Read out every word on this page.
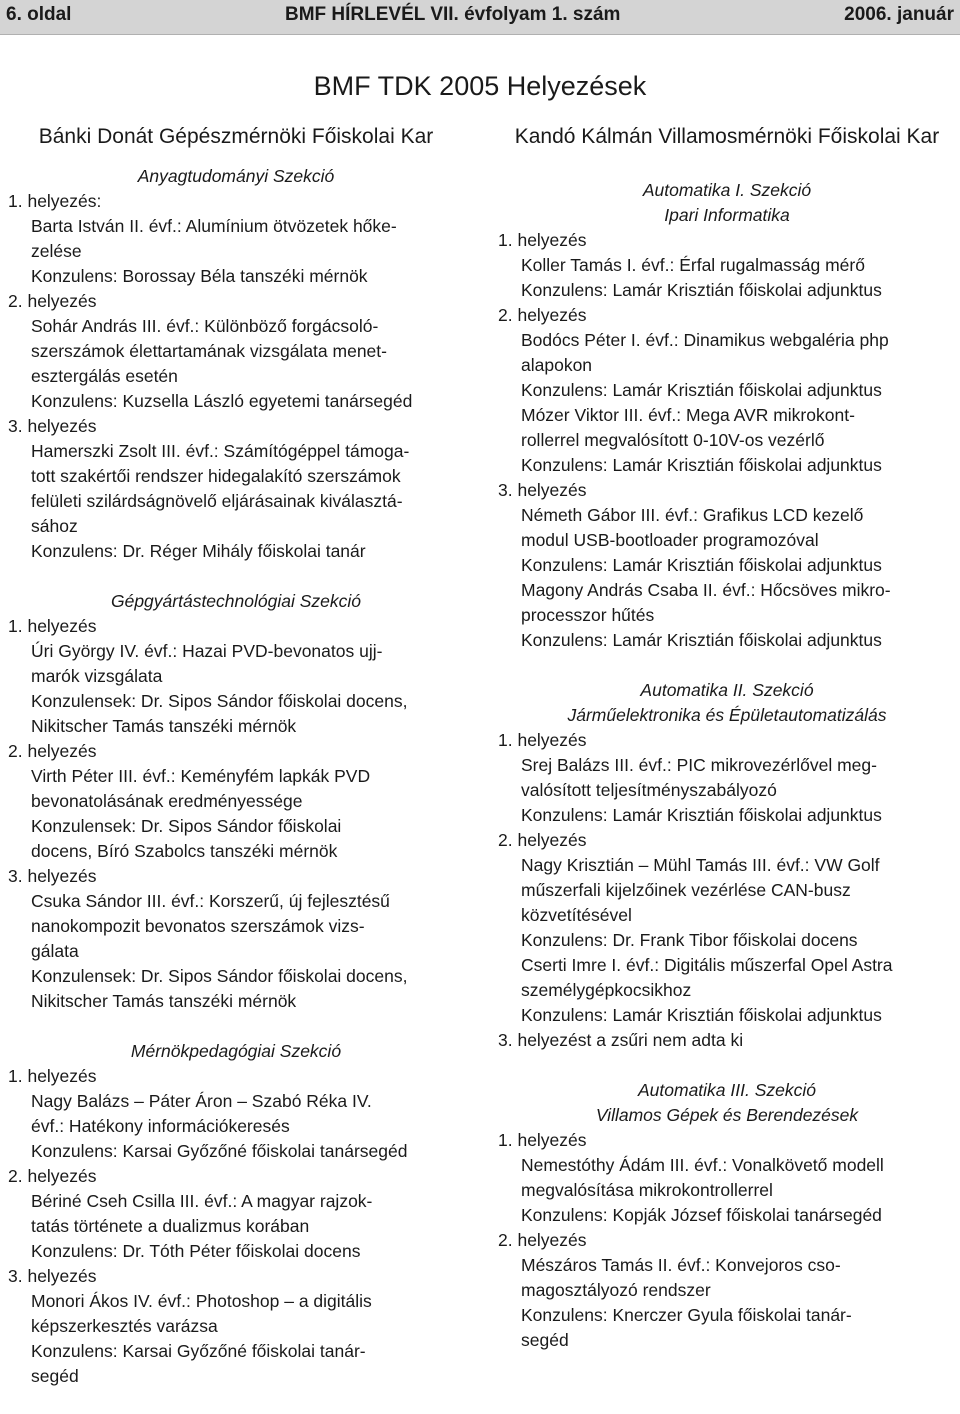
6. oldal	BMF HÍRLEVÉL VII. évfolyam 1. szám	2006. január
BMF TDK 2005 Helyezések
Bánki Donát Gépészmérnöki Főiskolai Kar
Anyagtudományi Szekció
1. helyezés:
Barta István II. évf.: Alumínium ötvözetek hőke-
zelése
Konzulens: Borossay Béla tanszéki mérnök
2. helyezés
Sohár András III. évf.: Különböző forgácsoló-
szerszámok élettartamának vizsgálata menet-
esztergálás esetén
Konzulens: Kuzsella László egyetemi tanársegéd
3. helyezés
Hamerszki Zsolt III. évf.: Számítógéppel támoga-
tott szakértői rendszer hidegalakító szerszámok
felületi szilárdságnövelő eljárásainak kiválasztá-
sához
Konzulens: Dr. Réger Mihály főiskolai tanár
Gépgyártástechnológiai Szekció
1. helyezés
Úri György IV. évf.: Hazai PVD-bevonatos ujj-
marók vizsgálata
Konzulensek: Dr. Sipos Sándor főiskolai docens,
Nikitscher Tamás tanszéki mérnök
2. helyezés
Virth Péter III. évf.: Keményfém lapkák PVD
bevonatolásának eredményessége
Konzulensek: Dr. Sipos Sándor főiskolai
docens, Bíró Szabolcs tanszéki mérnök
3. helyezés
Csuka Sándor III. évf.: Korszerű, új fejlesztésű
nanokompozit bevonatos szerszámok vizs-
gálata
Konzulensek: Dr. Sipos Sándor főiskolai docens,
Nikitscher Tamás tanszéki mérnök
Mérnökpedagógiai Szekció
1. helyezés
Nagy Balázs – Páter Áron – Szabó Réka IV.
évf.: Hatékony információkeresés
Konzulens: Karsai Győzőné főiskolai tanársegéd
2. helyezés
Bériné Cseh Csilla III. évf.: A magyar rajzok-
tatás története a dualizmus korában
Konzulens: Dr. Tóth Péter főiskolai docens
3. helyezés
Monori Ákos IV. évf.: Photoshop – a digitális
képszerkesztés varázsa
Konzulens: Karsai Győzőné főiskolai tanár-
segéd
Kandó Kálmán Villamosmérnöki Főiskolai Kar
Automatika I. Szekció
Ipari Informatika
1. helyezés
Koller Tamás I. évf.: Érfal rugalmasság mérő
Konzulens: Lamár Krisztián főiskolai adjunktus
2. helyezés
Bodócs Péter I. évf.: Dinamikus webgaléria php
alapokon
Konzulens: Lamár Krisztián főiskolai adjunktus
Mózer Viktor III. évf.: Mega AVR mikrokont-
rollerrel megvalósított 0-10V-os vezérlő
Konzulens: Lamár Krisztián főiskolai adjunktus
3. helyezés
Németh Gábor III. évf.: Grafikus LCD kezelő
modul USB-bootloader programozóval
Konzulens: Lamár Krisztián főiskolai adjunktus
Magony András Csaba II. évf.: Hőcsöves mikro-
processzor hűtés
Konzulens: Lamár Krisztián főiskolai adjunktus
Automatika II. Szekció
Járműelektronika és Épületautomatizálás
1. helyezés
Srej Balázs III. évf.: PIC mikrovezérlővel meg-
valósított teljesítményszabályozó
Konzulens: Lamár Krisztián főiskolai adjunktus
2. helyezés
Nagy Krisztián – Mühl Tamás III. évf.: VW Golf
műszerfali kijelzőinek vezérlése CAN-busz
közvetítésével
Konzulens: Dr. Frank Tibor főiskolai docens
Cserti Imre I. évf.: Digitális műszerfal Opel Astra
személygépkocsikhoz
Konzulens: Lamár Krisztián főiskolai adjunktus
3. helyezést a zsűri nem adta ki
Automatika III. Szekció
Villamos Gépek és Berendezések
1. helyezés
Nemestóthy Ádám III. évf.: Vonalkövető modell
megvalósítása mikrokontrollerrel
Konzulens: Kopják József főiskolai tanársegéd
2. helyezés
Mészáros Tamás II. évf.: Konvejoros cso-
magosztályozó rendszer
Konzulens: Knerczer Gyula főiskolai tanár-
segéd
